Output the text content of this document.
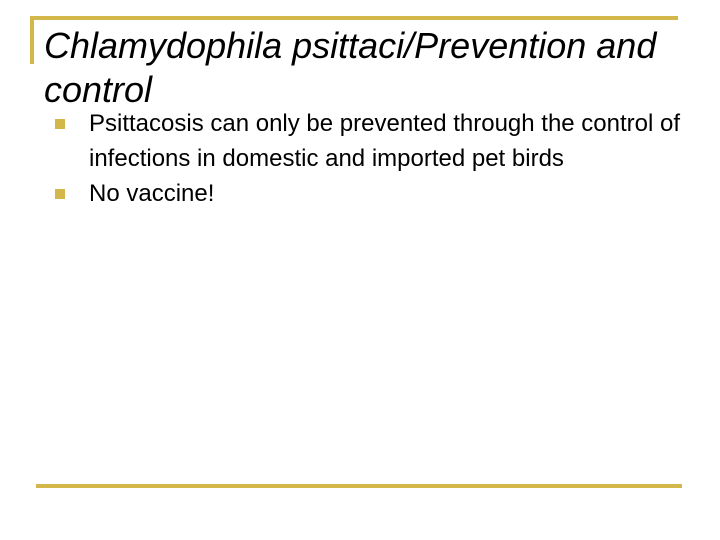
Chlamydophila psittaci/Prevention and control
Psittacosis can only be prevented through the control of infections in domestic and imported pet birds
No vaccine!
